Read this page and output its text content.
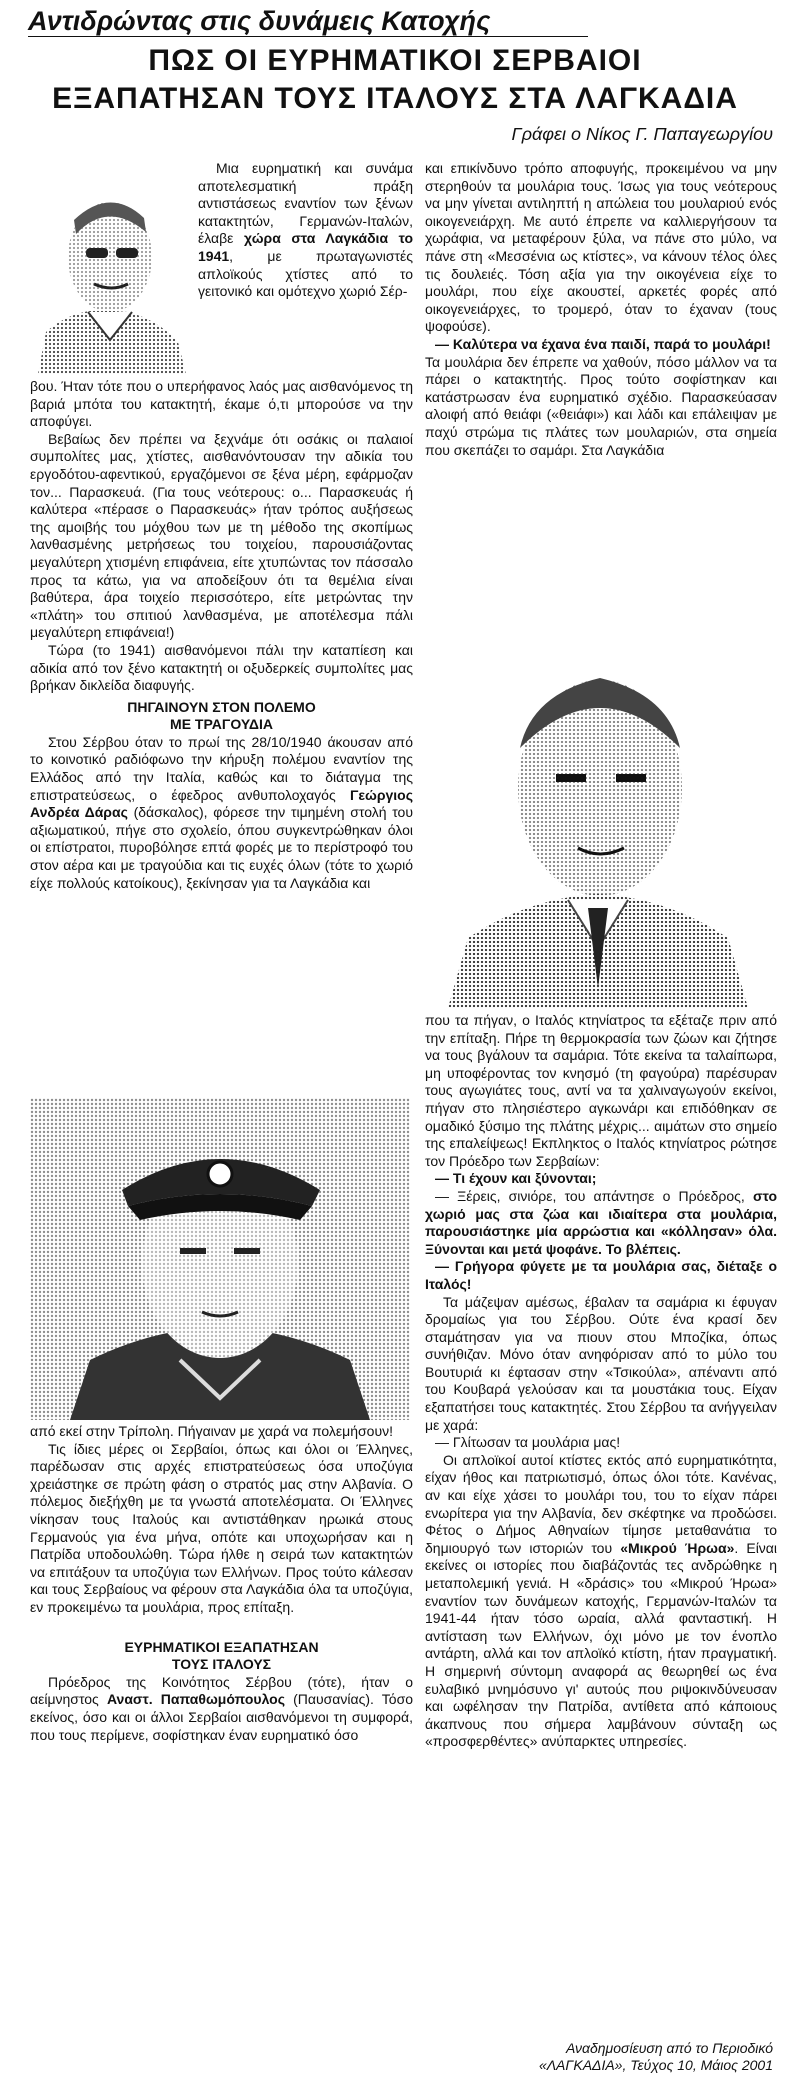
Αντιδρώντας στις δυνάμεις Κατοχής
ΠΩΣ ΟΙ ΕΥΡΗΜΑΤΙΚΟΙ ΣΕΡΒΑΙΟΙ
ΕΞΑΠΑΤΗΣΑΝ ΤΟΥΣ ΙΤΑΛΟΥΣ ΣΤΑ ΛΑΓΚΑΔΙΑ
Γράφει ο Νίκος Γ. Παπαγεωργίου

Μια ευρηματική και συνάμα αποτελεσματική πράξη αντιστάσεως εναντίον των ξένων κατακτητών, Γερμανών-Ιταλών, έλαβε χώρα στα Λαγκάδια το 1941, με πρωταγωνιστές απλοϊκούς χτίστες από το γειτονικό και ομότεχνο χωριό Σέρ-

βου. Ήταν τότε που ο υπερήφανος λαός μας αισθανόμενος τη βαριά μπότα του κατακτητή, έκαμε ό,τι μπορούσε να την αποφύγει.

Βεβαίως δεν πρέπει να ξεχνάμε ότι οσάκις οι παλαιοί συμπολίτες μας, χτίστες, αισθανόντουσαν την αδικία του εργοδότου-αφεντικού, εργαζόμενοι σε ξένα μέρη, εφάρμοζαν τον... Παρασκευά. (Για τους νεότερους: ο... Παρασκευάς ή καλύτερα «πέρασε ο Παρασκευάς» ήταν τρόπος αυξήσεως της αμοιβής του μόχθου των με τη μέθοδο της σκοπίμως λανθασμένης μετρήσεως του τοιχείου, παρουσιάζοντας μεγαλύτερη χτισμένη επιφάνεια, είτε χτυπώντας τον πάσσαλο προς τα κάτω, για να αποδείξουν ότι τα θεμέλια είναι βαθύτερα, άρα τοιχείο περισσότερο, είτε μετρώντας την «πλάτη» του σπιτιού λανθασμένα, με αποτέλεσμα πάλι μεγαλύτερη επιφάνεια!)

Τώρα (το 1941) αισθανόμενοι πάλι την καταπίεση και αδικία από τον ξένο κατακτητή οι οξυδερκείς συμπολίτες μας βρήκαν δικλείδα διαφυγής.

ΠΗΓΑΙΝΟΥΝ ΣΤΟΝ ΠΟΛΕΜΟ
ΜΕ ΤΡΑΓΟΥΔΙΑ

Στου Σέρβου όταν το πρωί της 28/10/1940 άκουσαν από το κοινοτικό ραδιόφωνο την κήρυξη πολέμου εναντίον της Ελλάδος από την Ιταλία, καθώς και το διάταγμα της επιστρατεύσεως, ο έφεδρος ανθυπολοχαγός Γεώργιος Ανδρέα Δάρας (δάσκαλος), φόρεσε την τιμημένη στολή του αξιωματικού, πήγε στο σχολείο, όπου συγκεντρώθηκαν όλοι οι επίστρατοι, πυροβόλησε επτά φορές με το περίστροφό του στον αέρα και με τραγούδια και τις ευχές όλων (τότε το χωριό είχε πολλούς κατοίκους), ξεκίνησαν για τα Λαγκάδια και

από εκεί στην Τρίπολη. Πήγαιναν με χαρά να πολεμήσουν!

Τις ίδιες μέρες οι Σερβαίοι, όπως και όλοι οι Έλληνες, παρέδωσαν στις αρχές επιστρατεύσεως όσα υποζύγια χρειάστηκε σε πρώτη φάση ο στρατός μας στην Αλβανία. Ο πόλεμος διεξήχθη με τα γνωστά αποτελέσματα. Οι Έλληνες νίκησαν τους Ιταλούς και αντιστάθηκαν ηρωικά στους Γερμανούς για ένα μήνα, οπότε και υποχωρήσαν και η Πατρίδα υποδουλώθη. Τώρα ήλθε η σειρά των κατακτητών να επιτάξουν τα υποζύγια των Ελλήνων. Προς τούτο κάλεσαν και τους Σερβαίους να φέρουν στα Λαγκάδια όλα τα υποζύγια, εν προκειμένω τα μουλάρια, προς επίταξη.

ΕΥΡΗΜΑΤΙΚΟΙ ΕΞΑΠΑΤΗΣΑΝ
ΤΟΥΣ ΙΤΑΛΟΥΣ

Πρόεδρος της Κοινότητος Σέρβου (τότε), ήταν ο αείμνηστος Αναστ. Παπαθωμόπουλος (Παυσανίας). Τόσο εκείνος, όσο και οι άλλοι Σερβαίοι αισθανόμενοι τη συμφορά, που τους περίμενε, σοφίστηκαν έναν ευρηματικό όσο

και επικίνδυνο τρόπο αποφυγής, προκειμένου να μην στερηθούν τα μουλάρια τους. Ίσως για τους νεότερους να μην γίνεται αντιληπτή η απώλεια του μουλαριού ενός οικογενειάρχη. Με αυτό έπρεπε να καλλιεργήσουν τα χωράφια, να μεταφέρουν ξύλα, να πάνε στο μύλο, να πάνε στη «Μεσσένια ως κτίστες», να κάνουν τέλος όλες τις δουλειές. Τόση αξία για την οικογένεια είχε το μουλάρι, που είχε ακουστεί, αρκετές φορές από οικογενειάρχες, το τρομερό, όταν το έχαναν (τους ψοφούσε).

— Καλύτερα να έχανα ένα παιδί, παρά το μουλάρι!

Τα μουλάρια δεν έπρεπε να χαθούν, πόσο μάλλον να τα πάρει ο κατακτητής. Προς τούτο σοφίστηκαν και κατάστρωσαν ένα ευρηματικό σχέδιο. Παρασκεύασαν αλοιφή από θειάφι («θειάφι») και λάδι και επάλειψαν με παχύ στρώμα τις πλάτες των μουλαριών, στα σημεία που σκεπάζει το σαμάρι. Στα Λαγκάδια

που τα πήγαν, ο Ιταλός κτηνίατρος τα εξέταζε πριν από την επίταξη. Πήρε τη θερμοκρασία των ζώων και ζήτησε να τους βγάλουν τα σαμάρια. Τότε εκείνα τα ταλαίπωρα, μη υποφέροντας τον κνησμό (τη φαγούρα) παρέσυραν τους αγωγιάτες τους, αντί να τα χαλιναγωγούν εκείνοι, πήγαν στο πλησιέστερο αγκωνάρι και επιδόθηκαν σε ομαδικό ξύσιμο της πλάτης μέχρις... αιμάτων στο σημείο της επαλείψεως! Εκπληκτος ο Ιταλός κτηνίατρος ρώτησε τον Πρόεδρο των Σερβαίων:

— Τι έχουν και ξύνονται;

— Ξέρεις, σινιόρε, του απάντησε ο Πρόεδρος, στο χωριό μας στα ζώα και ιδιαίτερα στα μουλάρια, παρουσιάστηκε μία αρρώστια και «κόλλησαν» όλα. Ξύνονται και μετά ψοφάνε. Το βλέπεις.

— Γρήγορα φύγετε με τα μουλάρια σας, διέταξε ο Ιταλός!

Τα μάζεψαν αμέσως, έβαλαν τα σαμάρια κι έφυγαν δρομαίως για του Σέρβου. Ούτε ένα κρασί δεν σταμάτησαν για να πιουν στου Μποζίκα, όπως συνήθιζαν. Μόνο όταν ανηφόρισαν από το μύλο του Βουτυριά κι έφτασαν στην «Τσικούλα», απέναντι από του Κουβαρά γελούσαν και τα μουστάκια τους. Είχαν εξαπατήσει τους κατακτητές. Στου Σέρβου τα ανήγγειλαν με χαρά:

— Γλίτωσαν τα μουλάρια μας!

Οι απλοϊκοί αυτοί κτίστες εκτός από ευρηματικότητα, είχαν ήθος και πατριωτισμό, όπως όλοι τότε. Κανένας, αν και είχε χάσει το μουλάρι του, του το είχαν πάρει ενωρίτερα για την Αλβανία, δεν σκέφτηκε να προδώσει. Φέτος ο Δήμος Αθηναίων τίμησε μεταθανάτια το δημιουργό των ιστοριών του «Μικρού Ήρωα». Είναι εκείνες οι ιστορίες που διαβάζοντάς τες ανδρώθηκε η μεταπολεμική γενιά. Η «δράσις» του «Μικρού Ήρωα» εναντίον των δυνάμεων κατοχής, Γερμανών-Ιταλών τα 1941-44 ήταν τόσο ωραία, αλλά φανταστική. Η αντίσταση των Ελλήνων, όχι μόνο με τον ένοπλο αντάρτη, αλλά και τον απλοϊκό κτίστη, ήταν πραγματική. Η σημερινή σύντομη αναφορά ας θεωρηθεί ως ένα ευλαβικό μνημόσυνο γι' αυτούς που ριψοκινδύνευσαν και ωφέλησαν την Πατρίδα, αντίθετα από κάποιους άκαπνους που σήμερα λαμβάνουν σύνταξη ως «προσφερθέντες» ανύπαρκτες υπηρεσίες.

Αναδημοσίευση από το Περιοδικό
«ΛΑΓΚΑΔΙΑ», Τεύχος 10, Μάιος 2001
